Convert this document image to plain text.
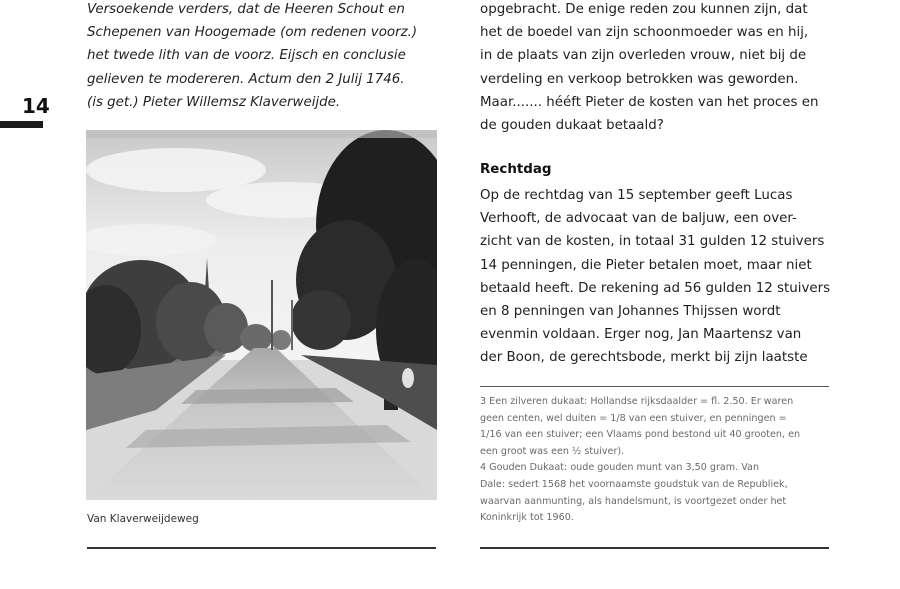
14
Versoekende verders, dat de Heeren Schout en
Schepenen van Hoogemade (om redenen voorz.)
het twede lith van de voorz. Eijsch en conclusie
gelieven te modereren. Actum den 2 Julij 1746.
(is get.) Pieter Willemsz Klaverweijde.
Van Klaverweijdeweg
opgebracht. De enige reden zou kunnen zijn, dat
het de boedel van zijn schoonmoeder was en hij,
in de plaats van zijn overleden vrouw, niet bij de
verdeling en verkoop betrokken was geworden.
Maar....... hééft Pieter de kosten van het proces en
de gouden dukaat betaald?
Rechtdag
Op de rechtdag van 15 september geeft Lucas
Verhooft, de advocaat van de baljuw, een over-
zicht van de kosten, in totaal 31 gulden 12 stuivers
14 penningen, die Pieter betalen moet, maar niet
betaald heeft. De rekening ad 56 gulden 12 stuivers
en 8 penningen van Johannes Thijssen wordt
evenmin voldaan. Erger nog, Jan Maartensz van
der Boon, de gerechtsbode, merkt bij zijn laatste
3 Een zilveren dukaat: Hollandse rijksdaalder = fl. 2.50. Er waren
geen centen, wel duiten = 1/8 van een stuiver, en penningen =
1/16 van een stuiver; een Vlaams pond bestond uit 40 grooten, en
een groot was een ½ stuiver).
4 Gouden Dukaat: oude gouden munt van 3,50 gram. Van
Dale: sedert 1568 het voornaamste goudstuk van de Republiek,
waarvan aanmunting, als handelsmunt, is voortgezet onder het
Koninkrijk tot 1960.
